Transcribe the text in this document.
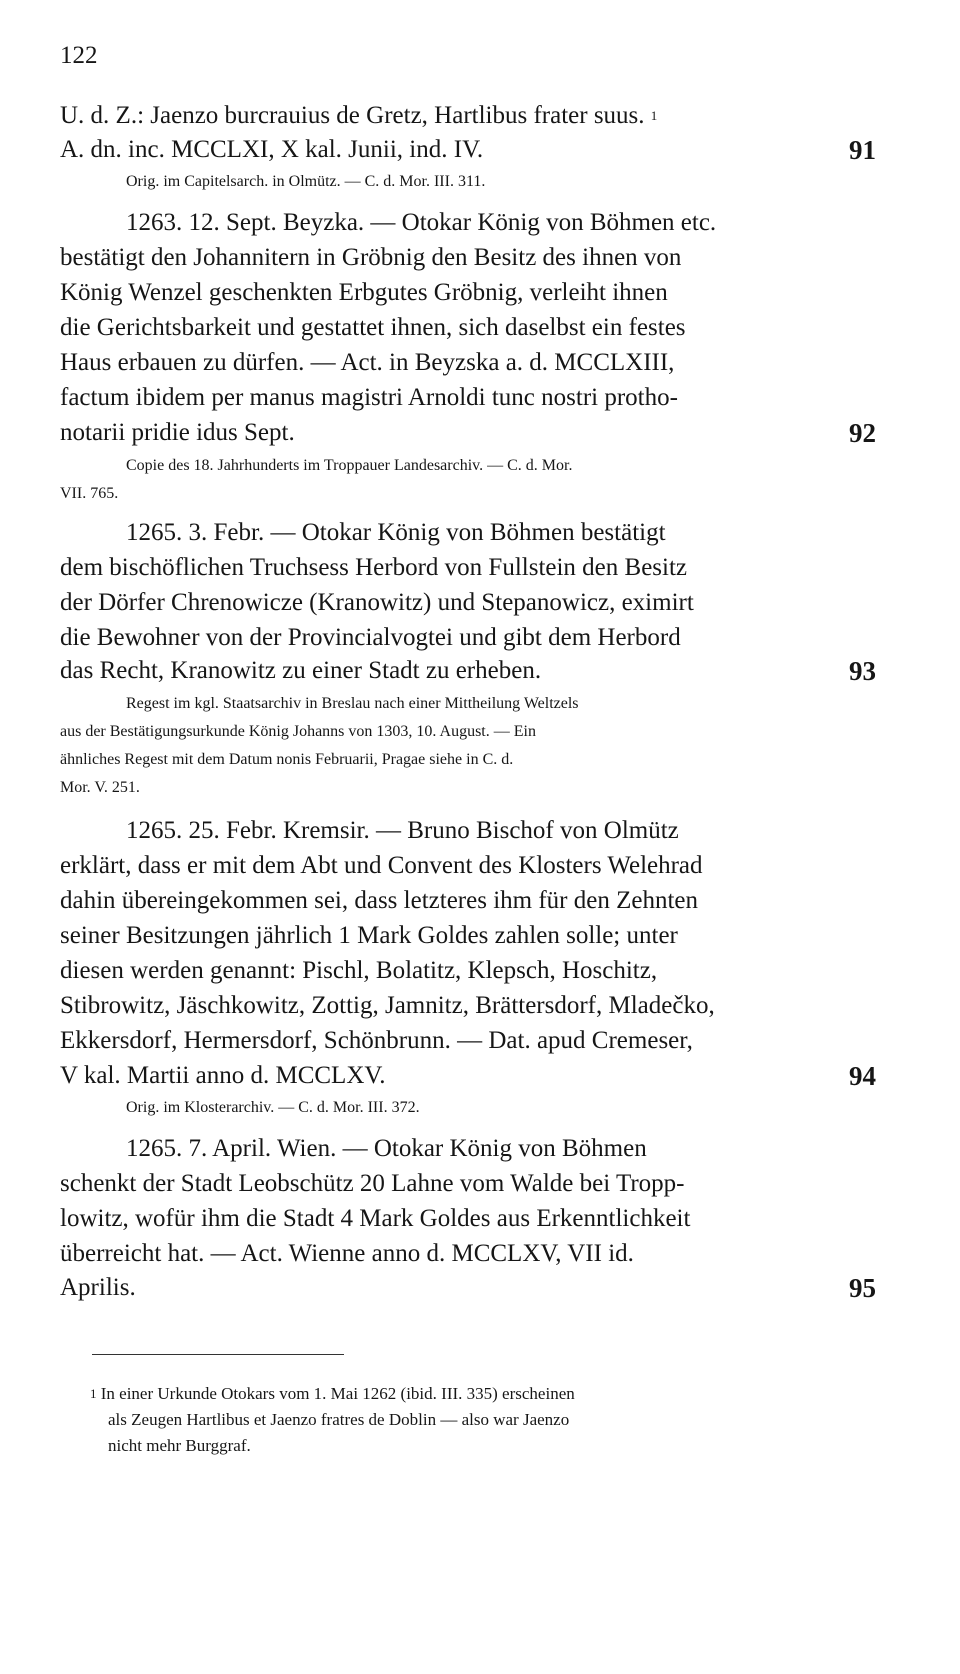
122
U. d. Z.: Jaenzo burcrauius de Gretz, Hartlibus frater suus. $^1$
A. dn. inc. MCCLXI, X kal. Junii, ind. IV.	91
Orig. im Capitelsarch. in Olmütz. — C. d. Mor. III. 311.
1263. 12. Sept. Beyzka. — Otokar König von Böhmen etc.
bestätigt den Johannitern in Gröbnig den Besitz des ihnen von
König Wenzel geschenkten Erbgutes Gröbnig, verleiht ihnen
die Gerichtsbarkeit und gestattet ihnen, sich daselbst ein festes
Haus erbauen zu dürfen. — Act. in Beyzska a. d. MCCLXIII,
factum ibidem per manus magistri Arnoldi tunc nostri protho-
notarii pridie idus Sept.	92
Copie des 18. Jahrhunderts im Troppauer Landesarchiv. — C. d. Mor.
VII. 765.
1265. 3. Febr. — Otokar König von Böhmen bestätigt
dem bischöflichen Truchsess Herbord von Fullstein den Besitz
der Dörfer Chrenowicze (Kranowitz) und Stepanowicz, eximirt
die Bewohner von der Provincialvogtei und gibt dem Herbord
das Recht, Kranowitz zu einer Stadt zu erheben.	93
Regest im kgl. Staatsarchiv in Breslau nach einer Mittheilung Weltzels
aus der Bestätigungsurkunde König Johanns von 1303, 10. August. — Ein
ähnliches Regest mit dem Datum nonis Februarii, Pragae siehe in C. d.
Mor. V. 251.
1265. 25. Febr. Kremsir. — Bruno Bischof von Olmütz
erklärt, dass er mit dem Abt und Convent des Klosters Welehrad
dahin übereingekommen sei, dass letzteres ihm für den Zehnten
seiner Besitzungen jährlich 1 Mark Goldes zahlen solle; unter
diesen werden genannt: Pischl, Bolatitz, Klepsch, Hoschitz,
Stibrowitz, Jäschkowitz, Zottig, Jamnitz, Brättersdorf, Mladečko,
Ekkersdorf, Hermersdorf, Schönbrunn. — Dat. apud Cremeser,
V kal. Martii anno d. MCCLXV.	94
Orig. im Klosterarchiv. — C. d. Mor. III. 372.
1265. 7. April. Wien. — Otokar König von Böhmen
schenkt der Stadt Leobschütz 20 Lahne vom Walde bei Tropp-
lowitz, wofür ihm die Stadt 4 Mark Goldes aus Erkenntlichkeit
überreicht hat. — Act. Wienne anno d. MCCLXV, VII id.
Aprilis.	95
$^1$ In einer Urkunde Otokars vom 1. Mai 1262 (ibid. III. 335) erscheinen
als Zeugen Hartlibus et Jaenzo fratres de Doblin — also war Jaenzo
nicht mehr Burggraf.
